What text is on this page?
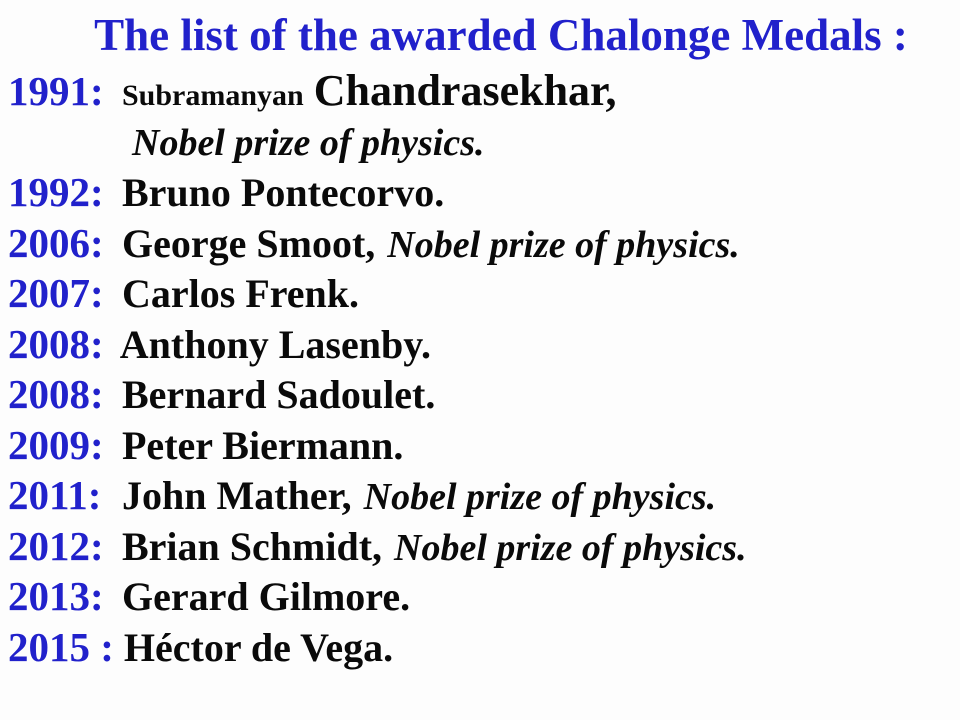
The list of the awarded Chalonge Medals :
1991: Subramanyan Chandrasekhar,
Nobel prize of physics.
1992: Bruno Pontecorvo.
2006: George Smoot, Nobel prize of physics.
2007: Carlos Frenk.
2008: Anthony Lasenby.
2008: Bernard Sadoulet.
2009: Peter Biermann.
2011: John Mather, Nobel prize of physics.
2012: Brian Schmidt, Nobel prize of physics.
2013: Gerard Gilmore.
2015 : Héctor de Vega.
